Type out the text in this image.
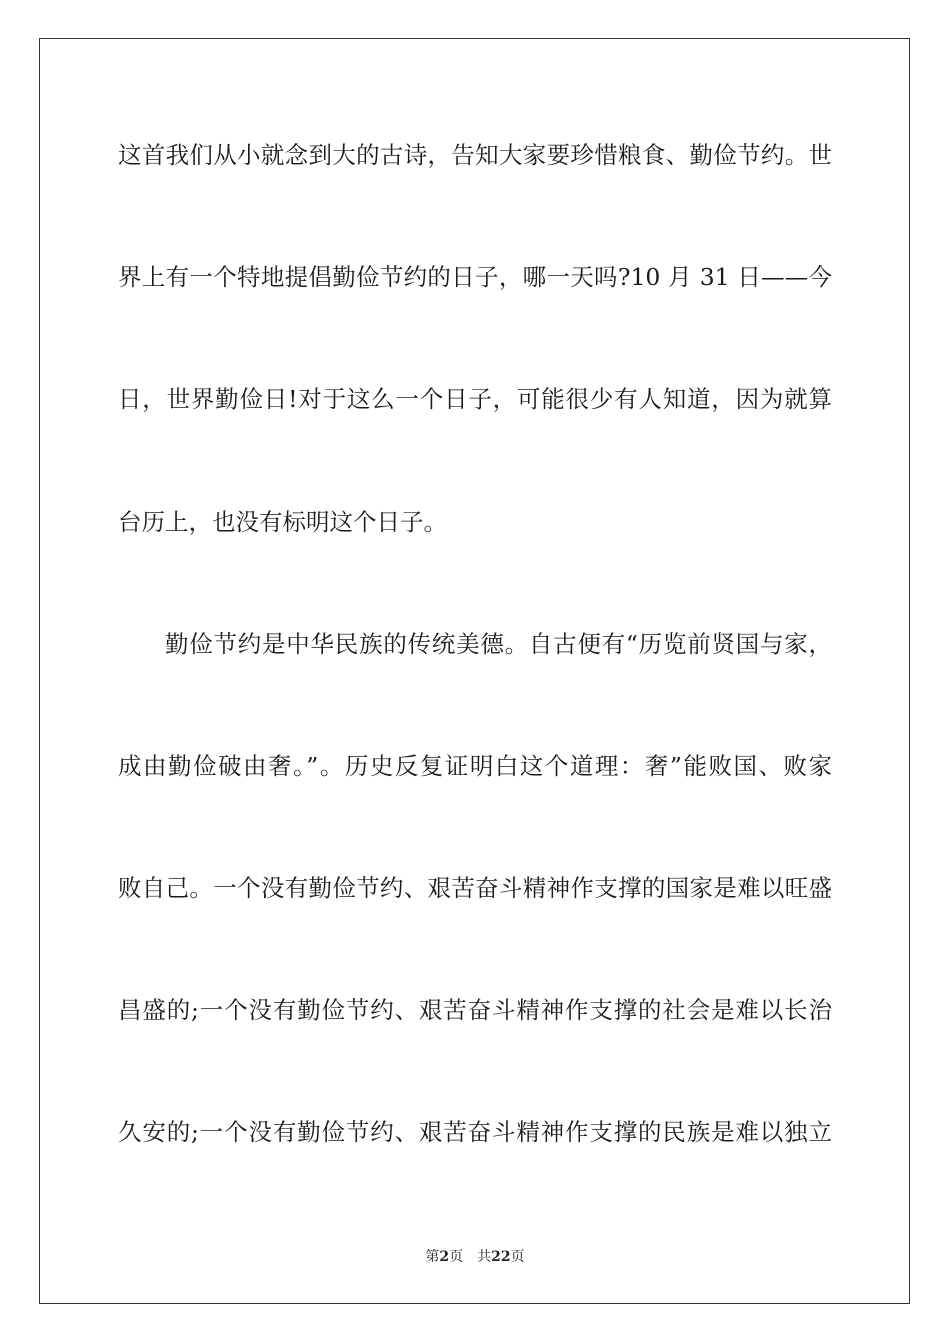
这首我们从小就念到大的古诗，告知大家要珍惜粮食、勤俭节约。世
界上有一个特地提倡勤俭节约的日子，哪一天吗?10 月 31 日——今
日，世界勤俭日!对于这么一个日子，可能很少有人知道，因为就算
台历上，也没有标明这个日子。
勤俭节约是中华民族的传统美德。自古便有“历览前贤国与家，
成由勤俭破由奢。”。历史反复证明白这个道理：奢”能败国、败家
败自己。一个没有勤俭节约、艰苦奋斗精神作支撑的国家是难以旺盛
昌盛的;一个没有勤俭节约、艰苦奋斗精神作支撑的社会是难以长治
久安的;一个没有勤俭节约、艰苦奋斗精神作支撑的民族是难以独立
第2页 共22页
